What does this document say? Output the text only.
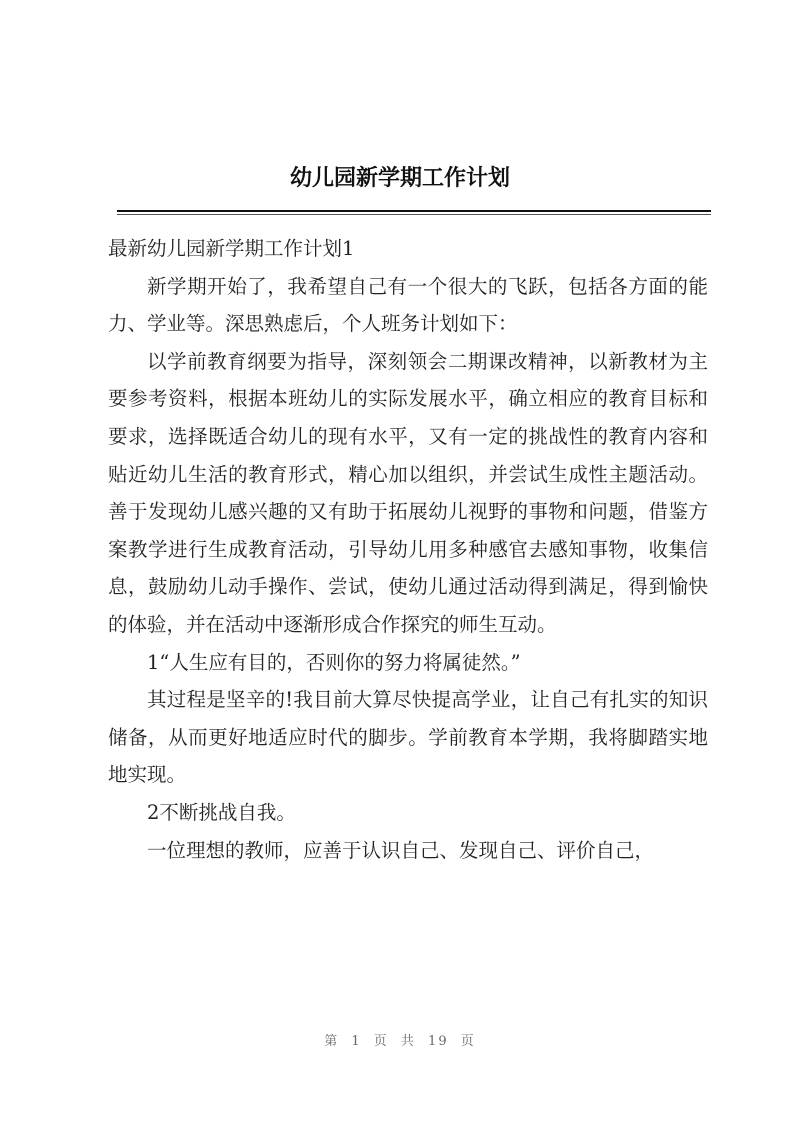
幼儿园新学期工作计划

最新幼儿园新学期工作计划1

新学期开始了，我希望自己有一个很大的飞跃，包括各方面的能力、学业等。深思熟虑后，个人班务计划如下：

以学前教育纲要为指导，深刻领会二期课改精神，以新教材为主要参考资料，根据本班幼儿的实际发展水平，确立相应的教育目标和要求，选择既适合幼儿的现有水平，又有一定的挑战性的教育内容和贴近幼儿生活的教育形式，精心加以组织，并尝试生成性主题活动。善于发现幼儿感兴趣的又有助于拓展幼儿视野的事物和问题，借鉴方案教学进行生成教育活动，引导幼儿用多种感官去感知事物，收集信息，鼓励幼儿动手操作、尝试，使幼儿通过活动得到满足，得到愉快的体验，并在活动中逐渐形成合作探究的师生互动。

1“人生应有目的，否则你的努力将属徒然。”

其过程是坚辛的!我目前大算尽快提高学业，让自己有扎实的知识储备，从而更好地适应时代的脚步。学前教育本学期，我将脚踏实地地实现。

2不断挑战自我。

一位理想的教师，应善于认识自己、发现自己、评价自己，

第 1 页 共 19 页
